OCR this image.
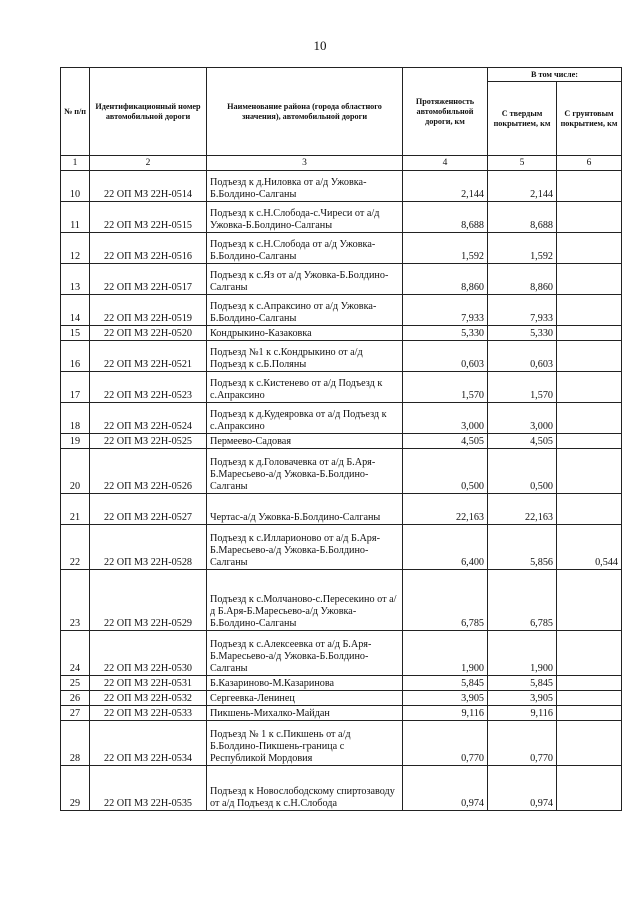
10
№ п/п	Идентификационный номер автомобильной дороги	Наименование района (города областного значения), автомобильной дороги	Протяженность автомобильной дороги, км	В том числе:	
				С твердым покрытием, км	С грунтовым покрытием, км
1	2	3	4	5	6
10	22 ОП МЗ 22Н-0514	Подъезд к д.Ниловка от а/д Ужовка-Б.Болдино-Салганы	2,144	2,144	
11	22 ОП МЗ 22Н-0515	Подъезд к с.Н.Слобода-с.Чиреси от а/д Ужовка-Б.Болдино-Салганы	8,688	8,688	
12	22 ОП МЗ 22Н-0516	Подъезд к с.Н.Слобода от а/д Ужовка-Б.Болдино-Салганы	1,592	1,592	
13	22 ОП МЗ 22Н-0517	Подъезд к с.Яз от а/д Ужовка-Б.Болдино-Салганы	8,860	8,860	
14	22 ОП МЗ 22Н-0519	Подъезд к с.Апраксино от а/д Ужовка-Б.Болдино-Салганы	7,933	7,933	
15	22 ОП МЗ 22Н-0520	Кондрыкино-Казаковка	5,330	5,330	
16	22 ОП МЗ 22Н-0521	Подъезд №1 к с.Кондрыкино от а/д Подъезд к с.Б.Поляны	0,603	0,603	
17	22 ОП МЗ 22Н-0523	Подъезд к с.Кистенево от а/д Подъезд к с.Апраксино	1,570	1,570	
18	22 ОП МЗ 22Н-0524	Подъезд к д.Кудеяровка от а/д Подъезд к с.Апраксино	3,000	3,000	
19	22 ОП МЗ 22Н-0525	Пермеево-Садовая	4,505	4,505	
20	22 ОП МЗ 22Н-0526	Подъезд к д.Головачевка от а/д Б.Аря-Б.Маресьево-а/д Ужовка-Б.Болдино-Салганы	0,500	0,500	
21	22 ОП МЗ 22Н-0527	Чертас-а/д Ужовка-Б.Болдино-Салганы	22,163	22,163	
22	22 ОП МЗ 22Н-0528	Подъезд к с.Илларионово от а/д Б.Аря-Б.Маресьево-а/д Ужовка-Б.Болдино-Салганы	6,400	5,856	0,544
23	22 ОП МЗ 22Н-0529	Подъезд к с.Молчаново-с.Пересекино от а/д Б.Аря-Б.Маресьево-а/д Ужовка-Б.Болдино-Салганы	6,785	6,785	
24	22 ОП МЗ 22Н-0530	Подъезд к с.Алексеевка от а/д Б.Аря-Б.Маресьево-а/д Ужовка-Б.Болдино-Салганы	1,900	1,900	
25	22 ОП МЗ 22Н-0531	Б.Казариново-М.Казаринова	5,845	5,845	
26	22 ОП МЗ 22Н-0532	Сергеевка-Ленинец	3,905	3,905	
27	22 ОП МЗ 22Н-0533	Пикшень-Михалко-Майдан	9,116	9,116	
28	22 ОП МЗ 22Н-0534	Подъезд № 1 к с.Пикшень от а/д Б.Болдино-Пикшень-граница с Республикой Мордовия	0,770	0,770	
29	22 ОП МЗ 22Н-0535	Подъезд к Новослободскому спиртозаводу от а/д Подъезд к с.Н.Слобода	0,974	0,974	
